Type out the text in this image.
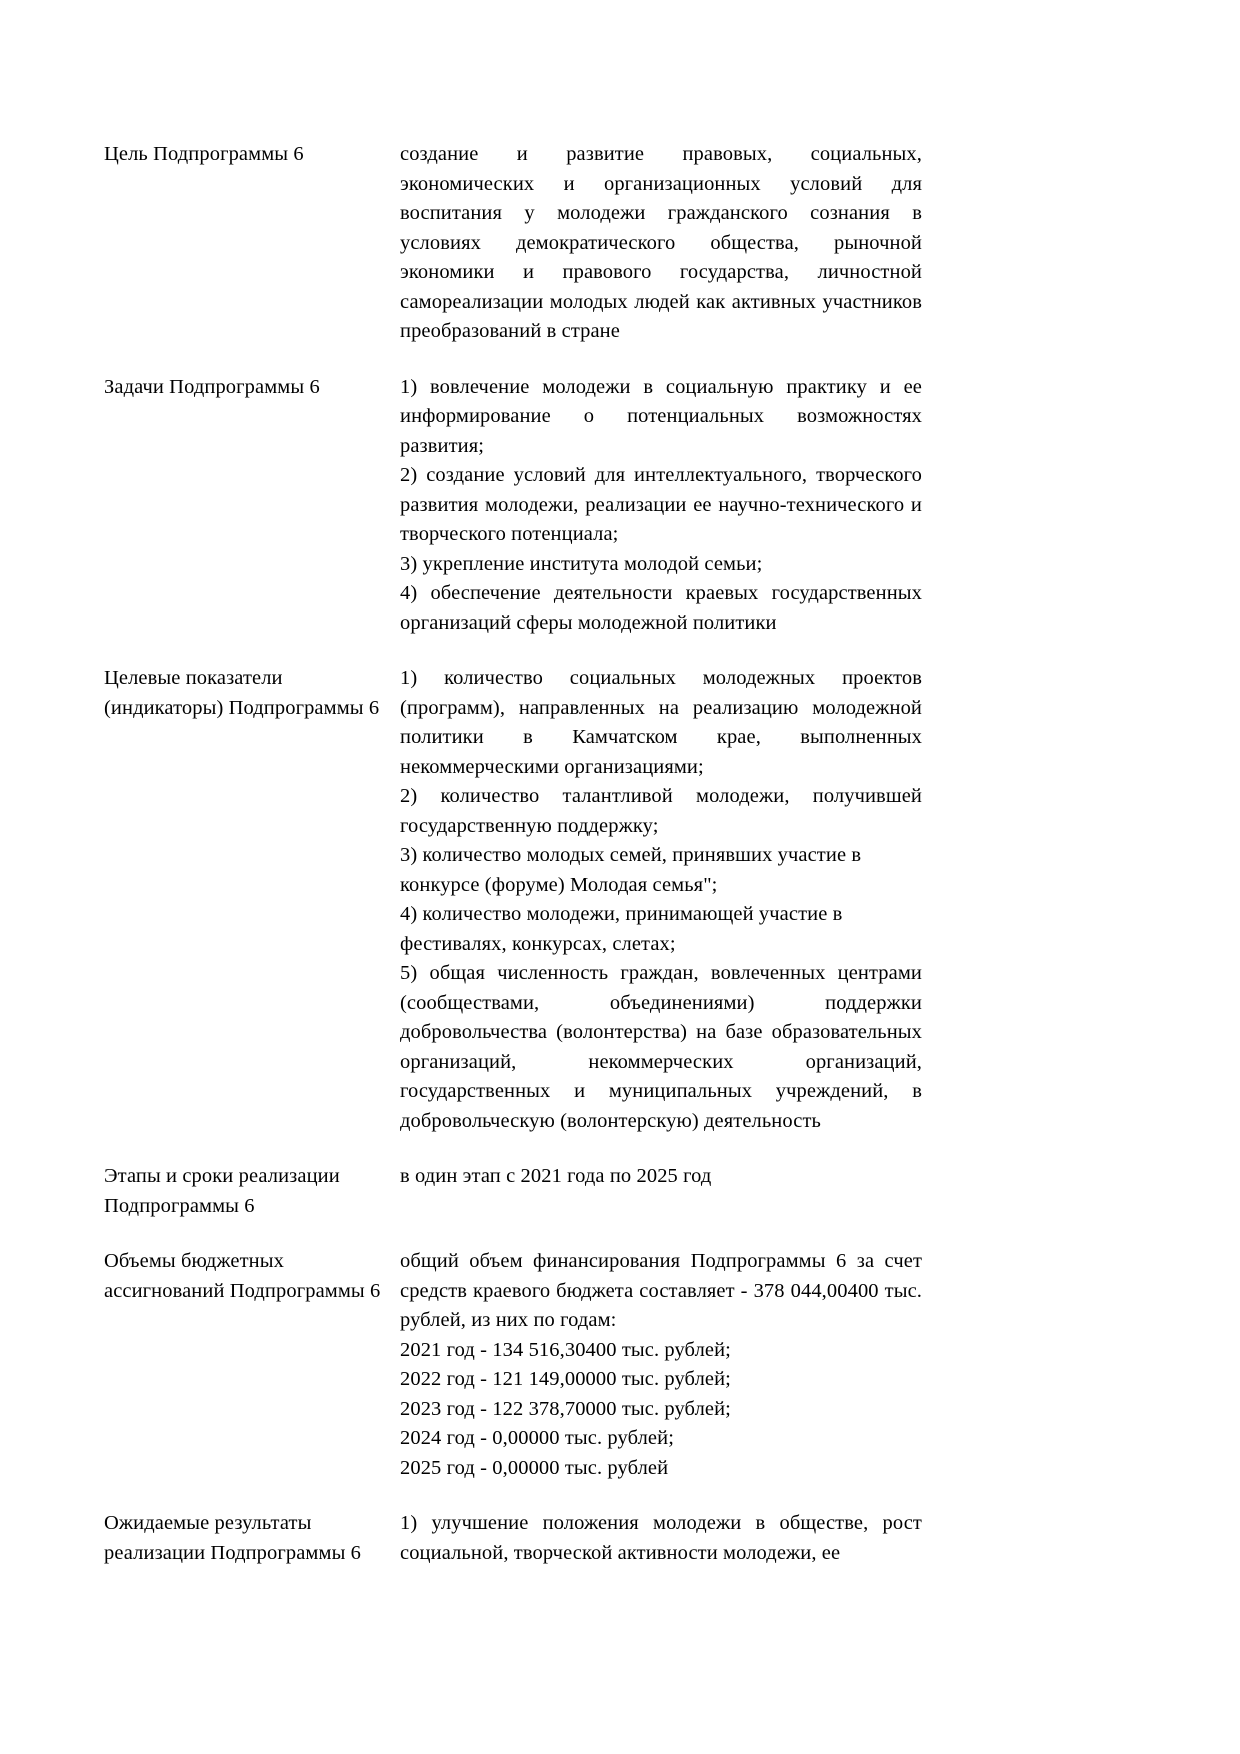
Цель Подпрограммы 6	создание и развитие правовых, социальных, экономических и организационных условий для воспитания у молодежи гражданского сознания в условиях демократического общества, рыночной экономики и правового государства, личностной самореализации молодых людей как активных участников преобразований в стране

Задачи Подпрограммы 6	1) вовлечение молодежи в социальную практику и ее информирование о потенциальных возможностях развития;

2) создание условий для интеллектуального, творческого развития молодежи, реализации ее научно-технического и творческого потенциала;

3) укрепление института молодой семьи;

4) обеспечение деятельности краевых государственных организаций сферы молодежной политики

Целевые показатели (индикаторы) Подпрограммы 6

1) количество социальных молодежных проектов (программ), направленных на реализацию молодежной политики в Камчатском крае, выполненных некоммерческими организациями;

2) количество талантливой молодежи, получившей государственную поддержку;

3) количество молодых семей, принявших участие в конкурсе (форуме) Молодая семья";

4) количество молодежи, принимающей участие в фестивалях, конкурсах, слетах;

5) общая численность граждан, вовлеченных центрами (сообществами, объединениями) поддержки добровольчества (волонтерства) на базе образовательных организаций, некоммерческих организаций, государственных и муниципальных учреждений, в добровольческую (волонтерскую) деятельность

Этапы и сроки реализации Подпрограммы 6

в один этап с 2021 года по 2025 год

Объемы бюджетных ассигнований Подпрограммы 6

общий объем финансирования Подпрограммы 6 за счет средств краевого бюджета составляет - 378 044,00400 тыс. рублей, из них по годам:

2021 год - 134 516,30400 тыс. рублей;

2022 год - 121 149,00000 тыс. рублей;

2023 год - 122 378,70000 тыс. рублей;

2024 год - 0,00000 тыс. рублей;

2025 год - 0,00000 тыс. рублей

Ожидаемые результаты реализации Подпрограммы 6

1) улучшение положения молодежи в обществе, рост социальной, творческой активности молодежи, ее
